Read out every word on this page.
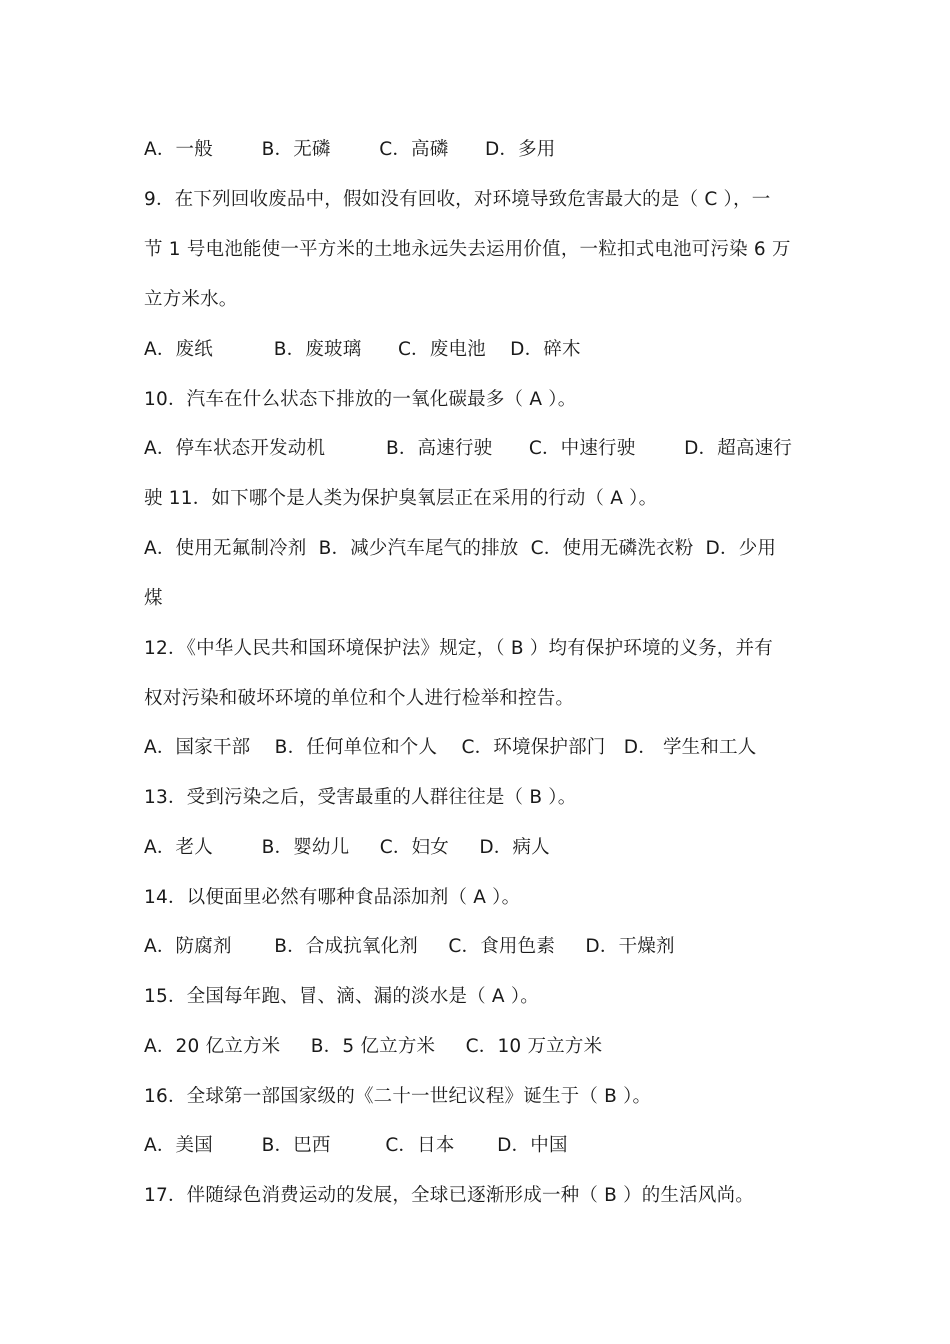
A．一般        B．无磷        C．高磷      D．多用
9．在下列回收废品中，假如没有回收，对环境导致危害最大的是（ C ），一
节 1 号电池能使一平方米的土地永远失去运用价值，一粒扣式电池可污染 6 万
立方米水。
A．废纸          B．废玻璃      C．废电池    D．碎木
10．汽车在什么状态下排放的一氧化碳最多（ A ）。
A．停车状态开发动机          B．高速行驶      C．中速行驶        D．超高速行
驶 11．如下哪个是人类为保护臭氧层正在采用的行动（ A ）。
A．使用无氟制冷剂  B．减少汽车尾气的排放  C．使用无磷洗衣粉  D．少用
煤
12．《中华人民共和国环境保护法》规定，（ B ）均有保护环境的义务，并有
权对污染和破坏环境的单位和个人进行检举和控告。
A．国家干部    B．任何单位和个人    C．环境保护部门   D． 学生和工人
13．受到污染之后，受害最重的人群往往是（ B ）。
A．老人        B．婴幼儿     C．妇女     D．病人
14．以便面里必然有哪种食品添加剂（ A ）。
A．防腐剂       B．合成抗氧化剂     C．食用色素     D．干燥剂
15．全国每年跑、冒、滴、漏的淡水是（ A ）。
A．20 亿立方米     B．5 亿立方米     C．10 万立方米
16．全球第一部国家级的《二十一世纪议程》诞生于（ B ）。
A．美国        B．巴西         C．日本       D．中国
17．伴随绿色消费运动的发展，全球已逐渐形成一种（ B ）的生活风尚。
